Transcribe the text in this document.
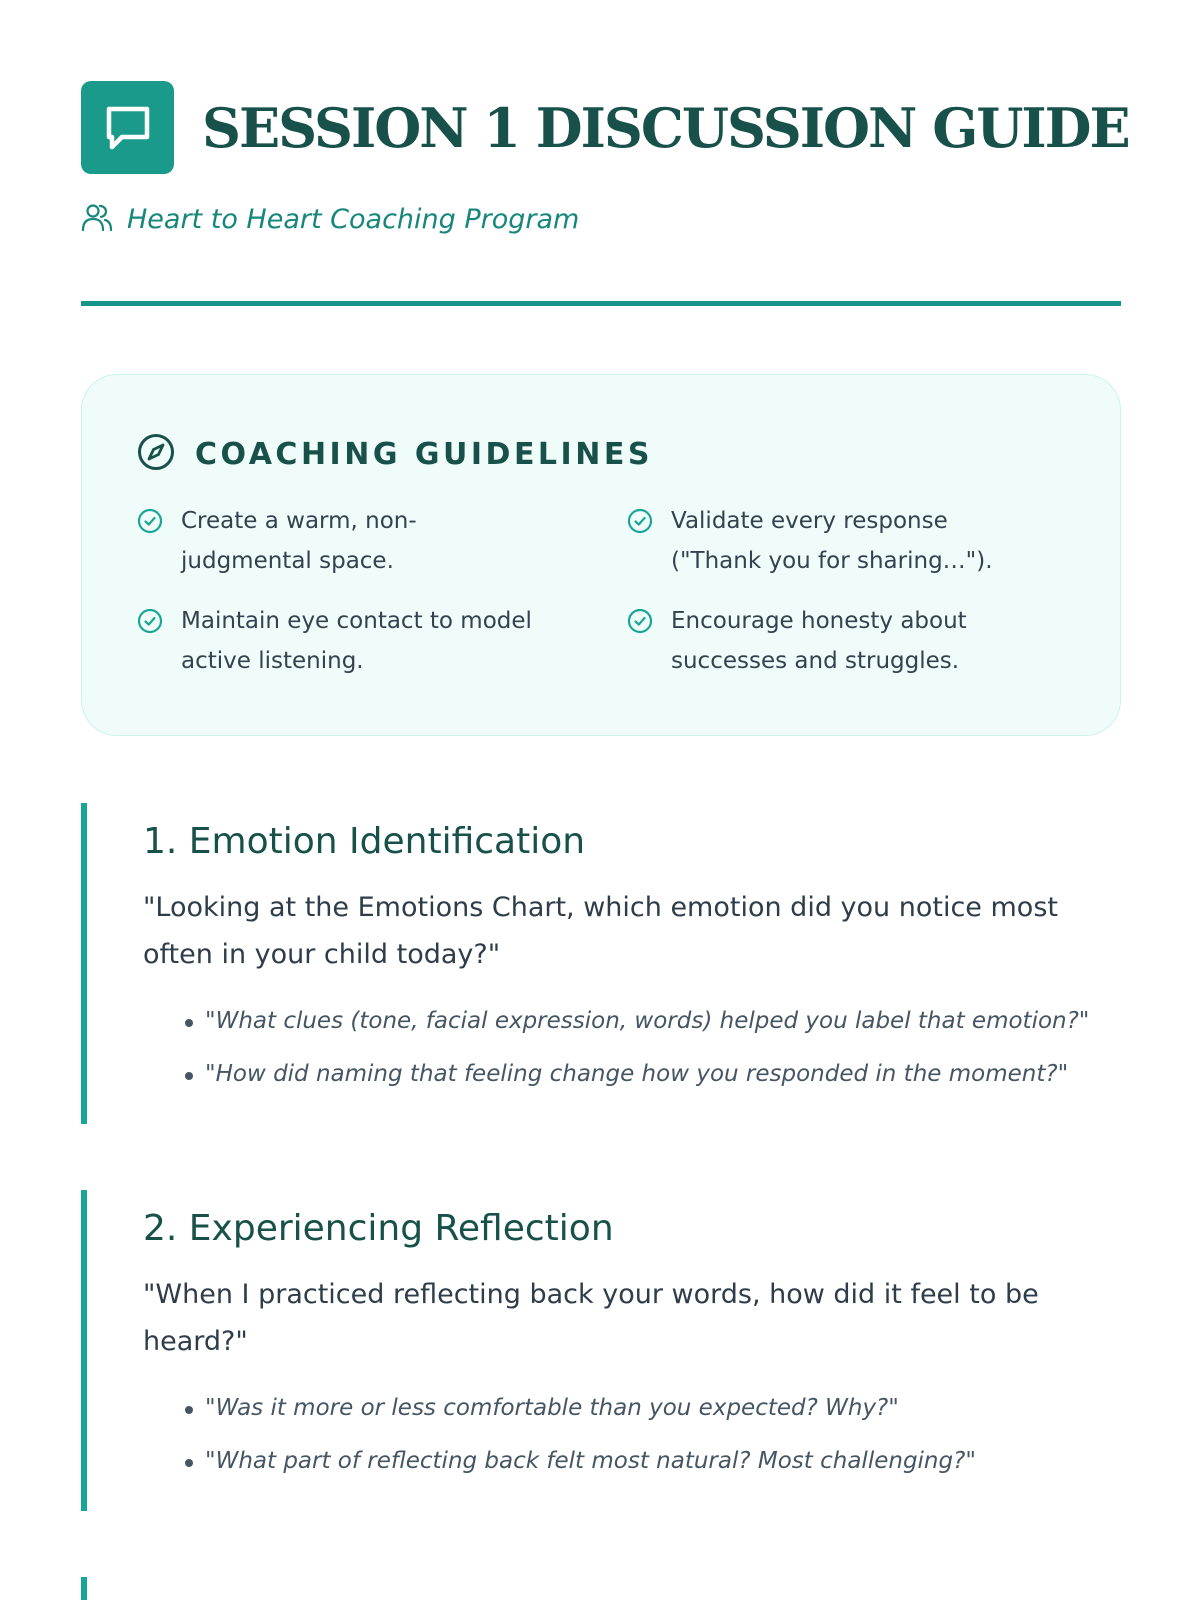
SESSION 1 DISCUSSION GUIDE
Heart to Heart Coaching Program
COACHING GUIDELINES
Create a warm, non-judgmental space.
Validate every response ("Thank you for sharing…").
Maintain eye contact to model active listening.
Encourage honesty about successes and struggles.
1. Emotion Identification
"Looking at the Emotions Chart, which emotion did you notice most often in your child today?"
"What clues (tone, facial expression, words) helped you label that emotion?"
"How did naming that feeling change how you responded in the moment?"
2. Experiencing Reflection
"When I practiced reflecting back your words, how did it feel to be heard?"
"Was it more or less comfortable than you expected? Why?"
"What part of reflecting back felt most natural? Most challenging?"
